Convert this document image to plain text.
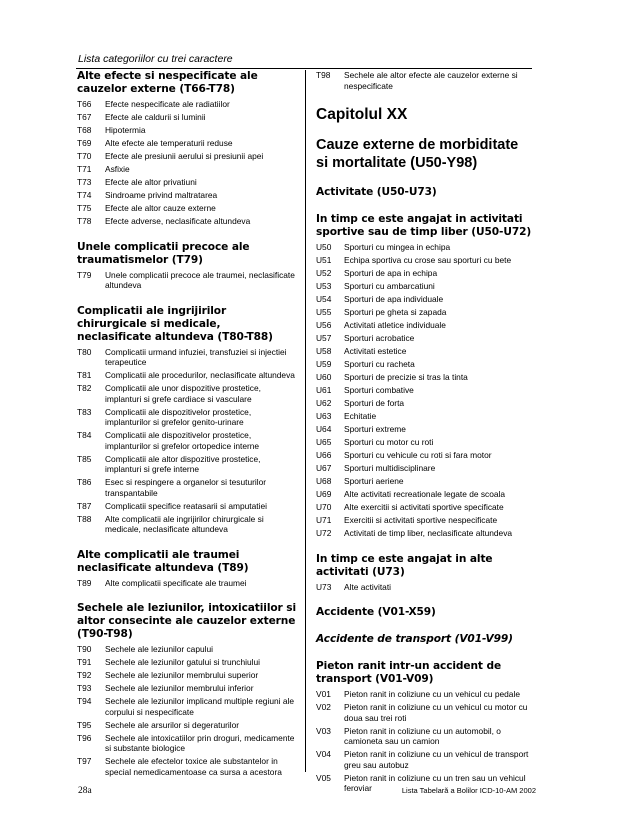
Lista categoriilor cu trei caractere
Alte efecte si nespecificate ale cauzelor externe (T66-T78)
T66	Efecte nespecificate ale radiatiilor
T67	Efecte ale caldurii si luminii
T68	Hipotermia
T69	Alte efecte ale temperaturii reduse
T70	Efecte ale presiunii aerului si presiunii apei
T71	Asfixie
T73	Efecte ale altor privatiuni
T74	Sindroame privind maltratarea
T75	Efecte ale altor cauze externe
T78	Efecte adverse, neclasificate altundeva
Unele complicatii precoce ale traumatismelor (T79)
T79	Unele complicatii precoce ale traumei, neclasificate altundeva
Complicatii ale ingrijirilor chirurgicale si medicale, neclasificate altundeva (T80-T88)
T80	Complicatii urmand infuziei, transfuziei si injectiei terapeutice
T81	Complicatii ale procedurilor, neclasificate altundeva
T82	Complicatii ale unor dispozitive prostetice, implanturi si grefe cardiace si vasculare
T83	Complicatii ale dispozitivelor prostetice, implanturilor si grefelor genito-urinare
T84	Complicatii ale dispozitivelor prostetice, implanturilor si grefelor ortopedice interne
T85	Complicatii ale altor dispozitive prostetice, implanturi si grefe interne
T86	Esec si respingere a organelor si tesuturilor transpantabile
T87	Complicatii specifice reatasarii si amputatiei
T88	Alte complicatii ale ingrijirilor chirurgicale si medicale, neclasificate altundeva
Alte complicatii ale traumei neclasificate altundeva (T89)
T89	Alte complicatii specificate ale traumei
Sechele ale leziunilor, intoxicatiilor si altor consecinte ale cauzelor externe (T90-T98)
T90	Sechele ale leziunilor capului
T91	Sechele ale leziunilor gatului si trunchiului
T92	Sechele ale leziunilor membrului superior
T93	Sechele ale leziunilor membrului inferior
T94	Sechele ale leziunilor implicand multiple regiuni ale corpului si nespecificate
T95	Sechele ale arsurilor si degeraturilor
T96	Sechele ale intoxicatiilor prin droguri, medicamente si substante biologice
T97	Sechele ale efectelor toxice ale substantelor in special nemedicamentoase ca sursa a acestora
T98	Sechele ale altor efecte ale cauzelor externe si nespecificate
Capitolul XX
Cauze externe de morbiditate si mortalitate (U50-Y98)
Activitate (U50-U73)
In timp ce este angajat in activitati sportive sau de timp liber (U50-U72)
U50	Sporturi cu mingea in echipa
U51	Echipa sportiva cu crose sau sporturi cu bete
U52	Sporturi de apa in echipa
U53	Sporturi cu ambarcatiuni
U54	Sporturi de apa individuale
U55	Sporturi pe gheta si zapada
U56	Activitati atletice individuale
U57	Sporturi acrobatice
U58	Activitati estetice
U59	Sporturi cu racheta
U60	Sporturi de precizie si tras la tinta
U61	Sporturi combative
U62	Sporturi de forta
U63	Echitatie
U64	Sporturi extreme
U65	Sporturi cu motor cu roti
U66	Sporturi cu vehicule cu roti si fara motor
U67	Sporturi multidisciplinare
U68	Sporturi aeriene
U69	Alte activitati recreationale legate de scoala
U70	Alte exercitii si activitati sportive specificate
U71	Exercitii si activitati sportive nespecificate
U72	Activitati de timp liber, neclasificate altundeva
In timp ce este angajat in alte activitati (U73)
U73	Alte activitati
Accidente (V01-X59)
Accidente de transport (V01-V99)
Pieton ranit intr-un accident de transport (V01-V09)
V01	Pieton ranit in coliziune cu un vehicul cu pedale
V02	Pieton ranit in coliziune cu un vehicul cu motor cu doua sau trei roti
V03	Pieton ranit in coliziune cu un automobil, o camioneta sau un camion
V04	Pieton ranit in coliziune cu un vehicul de transport greu sau autobuz
V05	Pieton ranit in coliziune cu un tren sau un vehicul feroviar
28a	Lista Tabelară a Bolilor ICD-10-AM 2002
